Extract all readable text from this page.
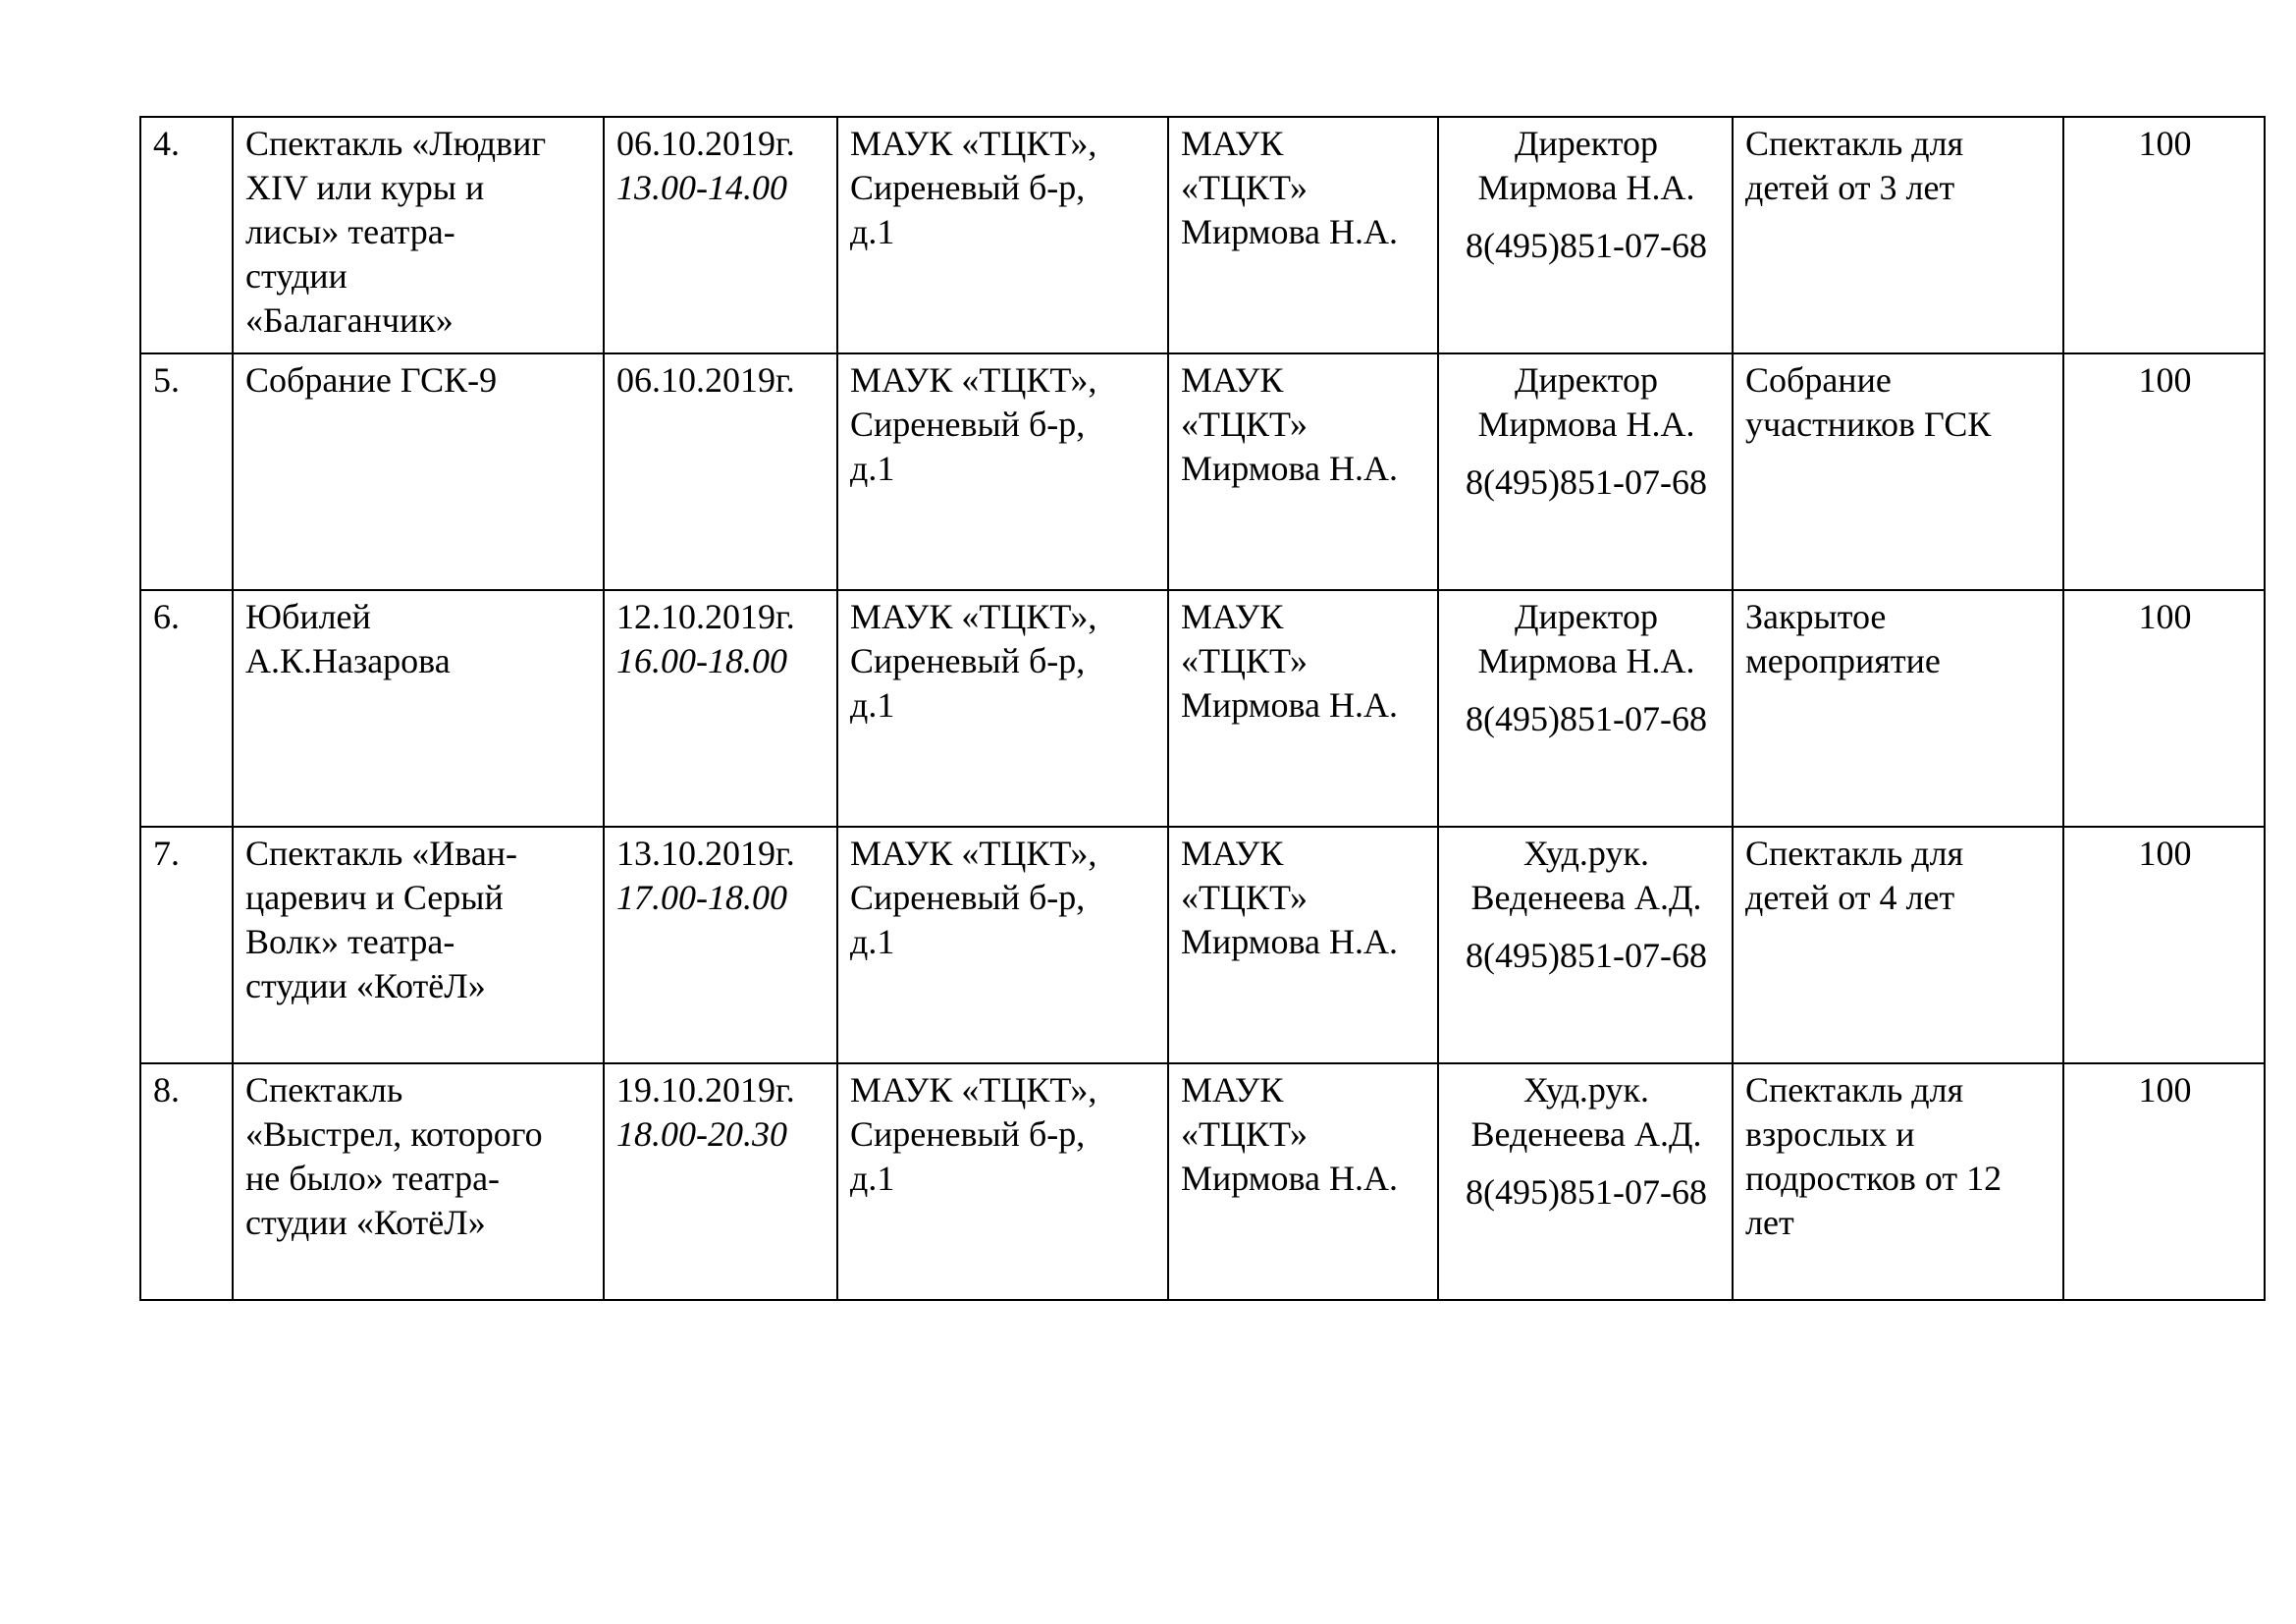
4.	Спектакль «Людвиг
XIV или куры и
лисы» театра-
студии
«Балаганчик»	06.10.2019г.
13.00-14.00	МАУК «ТЦКТ»,
Сиреневый б-р,
д.1	МАУК
«ТЦКТ»
Мирмова Н.А.	Директор
Мирмова Н.А.
8(495)851-07-68	Спектакль для
детей от 3 лет	100

5.	Собрание ГСК-9	06.10.2019г.	МАУК «ТЦКТ»,
Сиреневый б-р,
д.1	МАУК
«ТЦКТ»
Мирмова Н.А.	Директор
Мирмова Н.А.
8(495)851-07-68	Собрание
участников ГСК	100

6.	Юбилей
А.К.Назарова	12.10.2019г.
16.00-18.00	МАУК «ТЦКТ»,
Сиреневый б-р,
д.1	МАУК
«ТЦКТ»
Мирмова Н.А.	Директор
Мирмова Н.А.
8(495)851-07-68	Закрытое
мероприятие	100

7.	Спектакль «Иван-
царевич и Серый
Волк» театра-
студии «КотёЛ»	13.10.2019г.
17.00-18.00	МАУК «ТЦКТ»,
Сиреневый б-р,
д.1	МАУК
«ТЦКТ»
Мирмова Н.А.	Худ.рук.
Веденеева А.Д.
8(495)851-07-68	Спектакль для
детей от 4 лет	100

8.	Спектакль
«Выстрел, которого
не было» театра-
студии «КотёЛ»	19.10.2019г.
18.00-20.30	МАУК «ТЦКТ»,
Сиреневый б-р,
д.1	МАУК
«ТЦКТ»
Мирмова Н.А.	Худ.рук.
Веденеева А.Д.
8(495)851-07-68	Спектакль для
взрослых и
подростков от 12
лет	100
